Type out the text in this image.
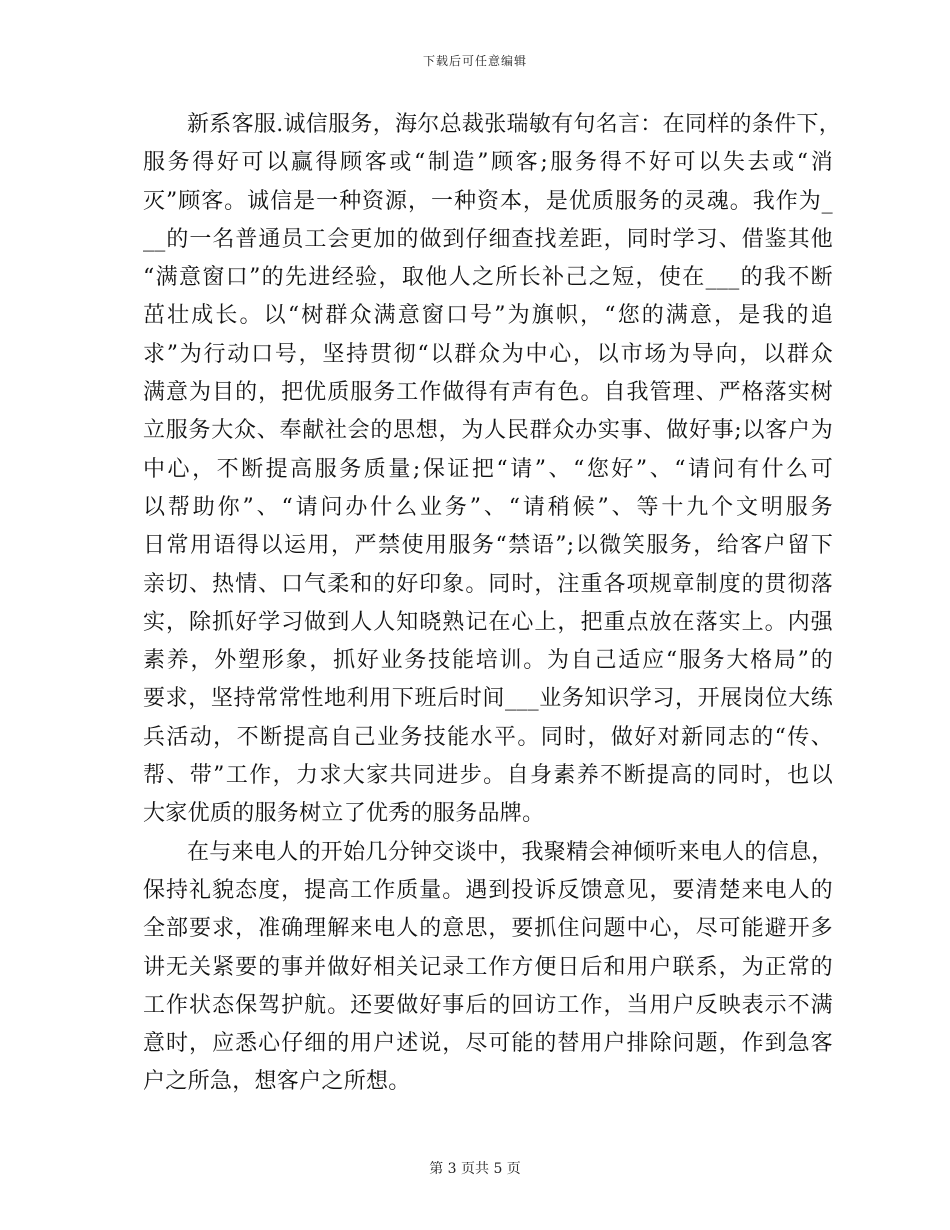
下载后可任意编辑
新系客服.诚信服务，海尔总裁张瑞敏有句名言：在同样的条件下，
服务得好可以赢得顾客或“制造”顾客;服务得不好可以失去或“消
灭”顾客。诚信是一种资源，一种资本，是优质服务的灵魂。我作为_
__的一名普通员工会更加的做到仔细查找差距，同时学习、借鉴其他
“满意窗口”的先进经验，取他人之所长补己之短，使在___的我不断
茁壮成长。以“树群众满意窗口号”为旗帜，“您的满意，是我的追
求”为行动口号，坚持贯彻“以群众为中心，以市场为导向，以群众
满意为目的，把优质服务工作做得有声有色。自我管理、严格落实树
立服务大众、奉献社会的思想，为人民群众办实事、做好事;以客户为
中心，不断提高服务质量;保证把“请”、“您好”、“请问有什么可
以帮助你”、“请问办什么业务”、“请稍候”、等十九个文明服务
日常用语得以运用，严禁使用服务“禁语”;以微笑服务，给客户留下
亲切、热情、口气柔和的好印象。同时，注重各项规章制度的贯彻落
实，除抓好学习做到人人知晓熟记在心上，把重点放在落实上。内强
素养，外塑形象，抓好业务技能培训。为自己适应“服务大格局”的
要求，坚持常常性地利用下班后时间___业务知识学习，开展岗位大练
兵活动，不断提高自己业务技能水平。同时，做好对新同志的“传、
帮、带”工作，力求大家共同进步。自身素养不断提高的同时，也以
大家优质的服务树立了优秀的服务品牌。
在与来电人的开始几分钟交谈中，我聚精会神倾听来电人的信息，
保持礼貌态度，提高工作质量。遇到投诉反馈意见，要清楚来电人的
全部要求，准确理解来电人的意思，要抓住问题中心，尽可能避开多
讲无关紧要的事并做好相关记录工作方便日后和用户联系，为正常的
工作状态保驾护航。还要做好事后的回访工作，当用户反映表示不满
意时，应悉心仔细的用户述说，尽可能的替用户排除问题，作到急客
户之所急，想客户之所想。
第 3 页共 5 页
